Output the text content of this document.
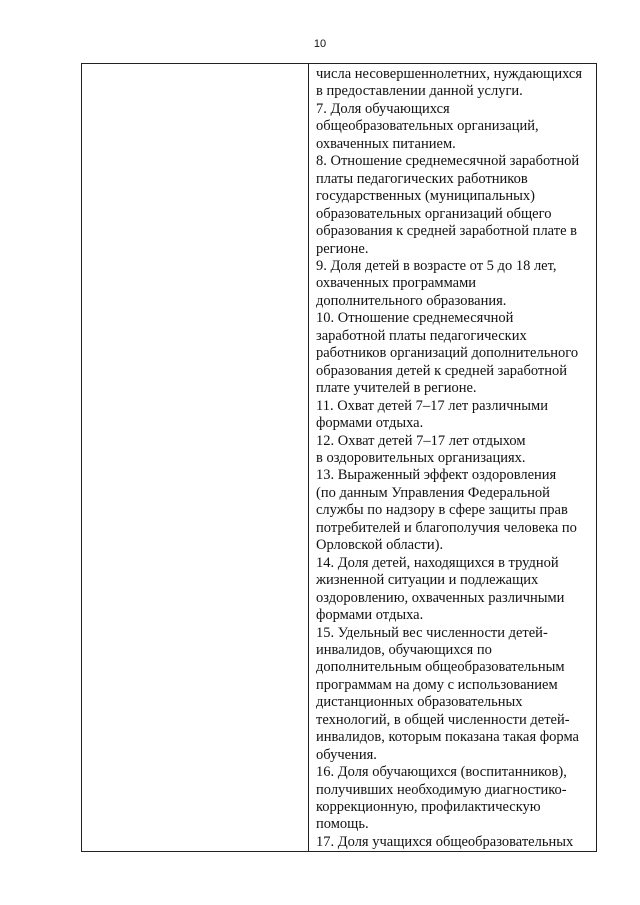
10

числа несовершеннолетних, нуждающихся
в предоставлении данной услуги.
7. Доля обучающихся
общеобразовательных организаций,
охваченных питанием.
8. Отношение среднемесячной заработной
платы педагогических работников
государственных (муниципальных)
образовательных организаций общего
образования к средней заработной плате в
регионе.
9. Доля детей в возрасте от 5 до 18 лет,
охваченных программами
дополнительного образования.
10. Отношение среднемесячной
заработной платы педагогических
работников организаций дополнительного
образования детей к средней заработной
плате учителей в регионе.
11. Охват детей 7–17 лет различными
формами отдыха.
12. Охват детей 7–17 лет отдыхом
в оздоровительных организациях.
13. Выраженный эффект оздоровления
(по данным Управления Федеральной
службы по надзору в сфере защиты прав
потребителей и благополучия человека по
Орловской области).
14. Доля детей, находящихся в трудной
жизненной ситуации и подлежащих
оздоровлению, охваченных различными
формами отдыха.
15. Удельный вес численности детей-
инвалидов, обучающихся по
дополнительным общеобразовательным
программам на дому с использованием
дистанционных образовательных
технологий, в общей численности детей-
инвалидов, которым показана такая форма
обучения.
16. Доля обучающихся (воспитанников),
получивших необходимую диагностико-
коррекционную, профилактическую
помощь.
17. Доля учащихся общеобразовательных
